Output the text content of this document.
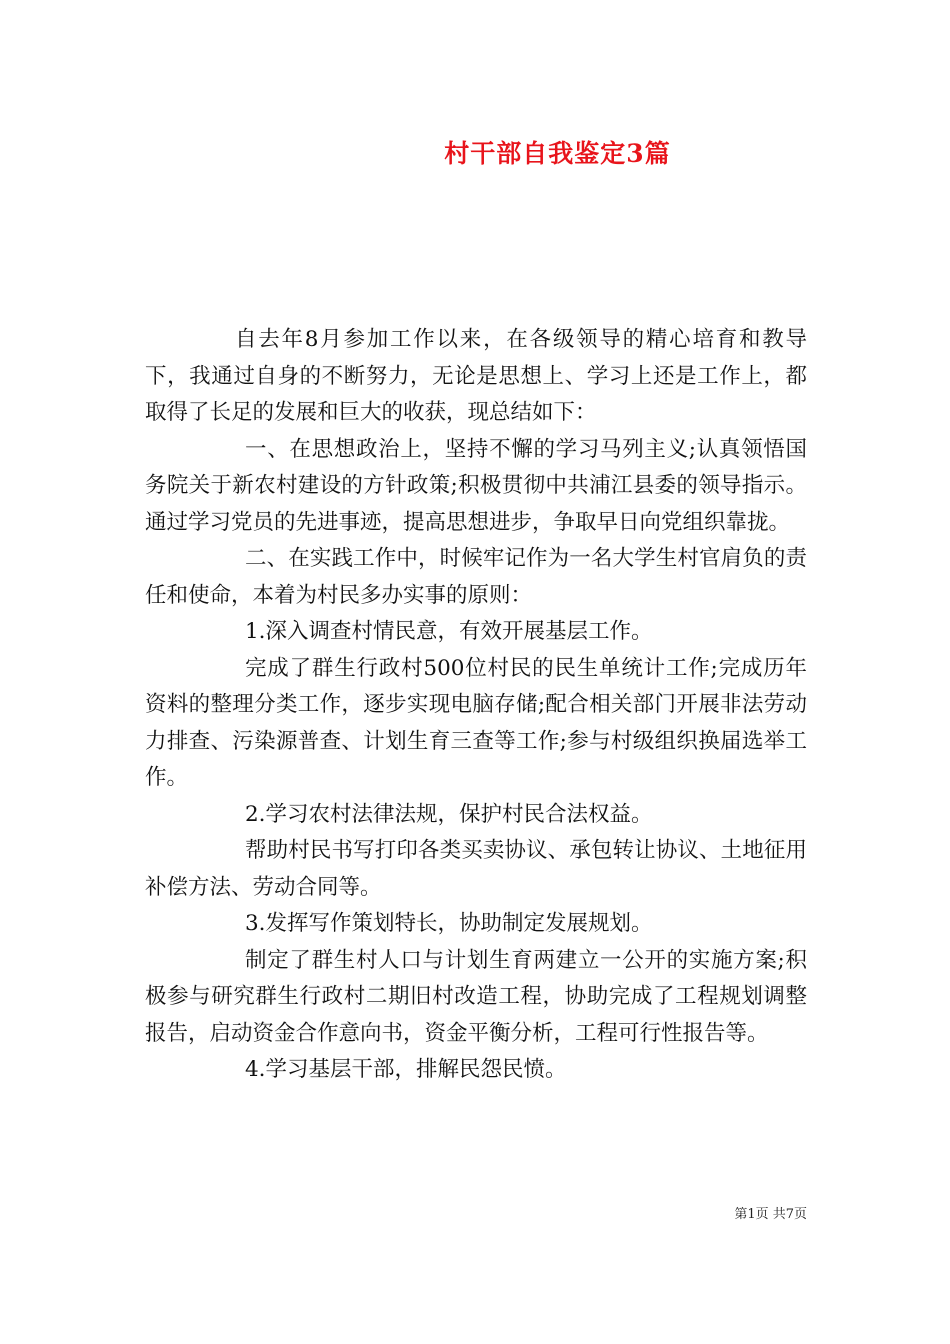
村干部自我鉴定3篇

自去年8月参加工作以来，在各级领导的精心培育和教导下，我通过自身的不断努力，无论是思想上、学习上还是工作上，都取得了长足的发展和巨大的收获，现总结如下：

一、在思想政治上，坚持不懈的学习马列主义;认真领悟国务院关于新农村建设的方针政策;积极贯彻中共浦江县委的领导指示。通过学习党员的先进事迹，提高思想进步，争取早日向党组织靠拢。

二、在实践工作中，时候牢记作为一名大学生村官肩负的责任和使命，本着为村民多办实事的原则：

1.深入调查村情民意，有效开展基层工作。

完成了群生行政村500位村民的民生单统计工作;完成历年资料的整理分类工作，逐步实现电脑存储;配合相关部门开展非法劳动力排查、污染源普查、计划生育三查等工作;参与村级组织换届选举工作。

2.学习农村法律法规，保护村民合法权益。

帮助村民书写打印各类买卖协议、承包转让协议、土地征用补偿方法、劳动合同等。

3.发挥写作策划特长，协助制定发展规划。

制定了群生村人口与计划生育两建立一公开的实施方案;积极参与研究群生行政村二期旧村改造工程，协助完成了工程规划调整报告，启动资金合作意向书，资金平衡分析，工程可行性报告等。

4.学习基层干部，排解民怨民愤。

第1页 共7页
